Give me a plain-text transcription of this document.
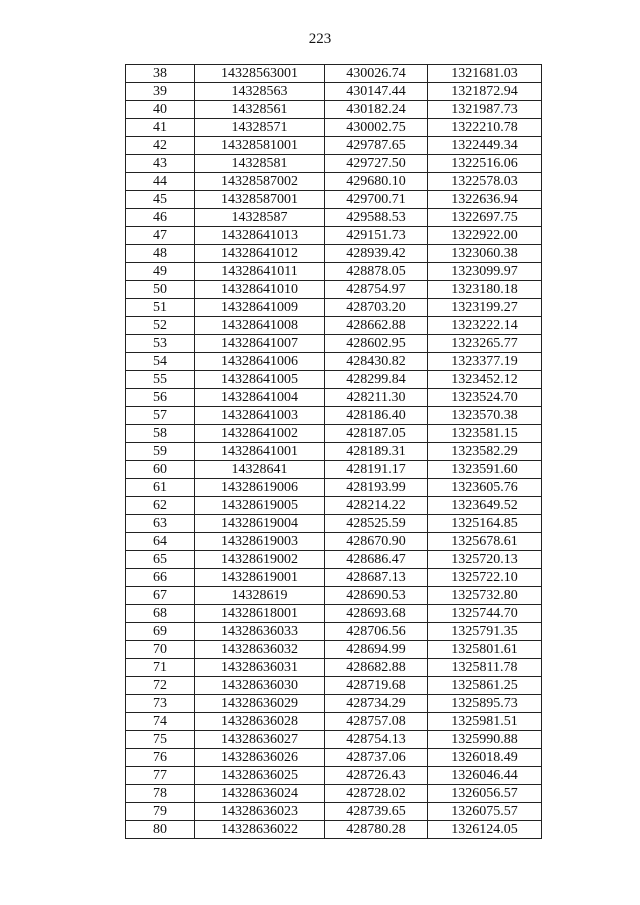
223
38	14328563001	430026.74	1321681.03
39	14328563	430147.44	1321872.94
40	14328561	430182.24	1321987.73
41	14328571	430002.75	1322210.78
42	14328581001	429787.65	1322449.34
43	14328581	429727.50	1322516.06
44	14328587002	429680.10	1322578.03
45	14328587001	429700.71	1322636.94
46	14328587	429588.53	1322697.75
47	14328641013	429151.73	1322922.00
48	14328641012	428939.42	1323060.38
49	14328641011	428878.05	1323099.97
50	14328641010	428754.97	1323180.18
51	14328641009	428703.20	1323199.27
52	14328641008	428662.88	1323222.14
53	14328641007	428602.95	1323265.77
54	14328641006	428430.82	1323377.19
55	14328641005	428299.84	1323452.12
56	14328641004	428211.30	1323524.70
57	14328641003	428186.40	1323570.38
58	14328641002	428187.05	1323581.15
59	14328641001	428189.31	1323582.29
60	14328641	428191.17	1323591.60
61	14328619006	428193.99	1323605.76
62	14328619005	428214.22	1323649.52
63	14328619004	428525.59	1325164.85
64	14328619003	428670.90	1325678.61
65	14328619002	428686.47	1325720.13
66	14328619001	428687.13	1325722.10
67	14328619	428690.53	1325732.80
68	14328618001	428693.68	1325744.70
69	14328636033	428706.56	1325791.35
70	14328636032	428694.99	1325801.61
71	14328636031	428682.88	1325811.78
72	14328636030	428719.68	1325861.25
73	14328636029	428734.29	1325895.73
74	14328636028	428757.08	1325981.51
75	14328636027	428754.13	1325990.88
76	14328636026	428737.06	1326018.49
77	14328636025	428726.43	1326046.44
78	14328636024	428728.02	1326056.57
79	14328636023	428739.65	1326075.57
80	14328636022	428780.28	1326124.05
